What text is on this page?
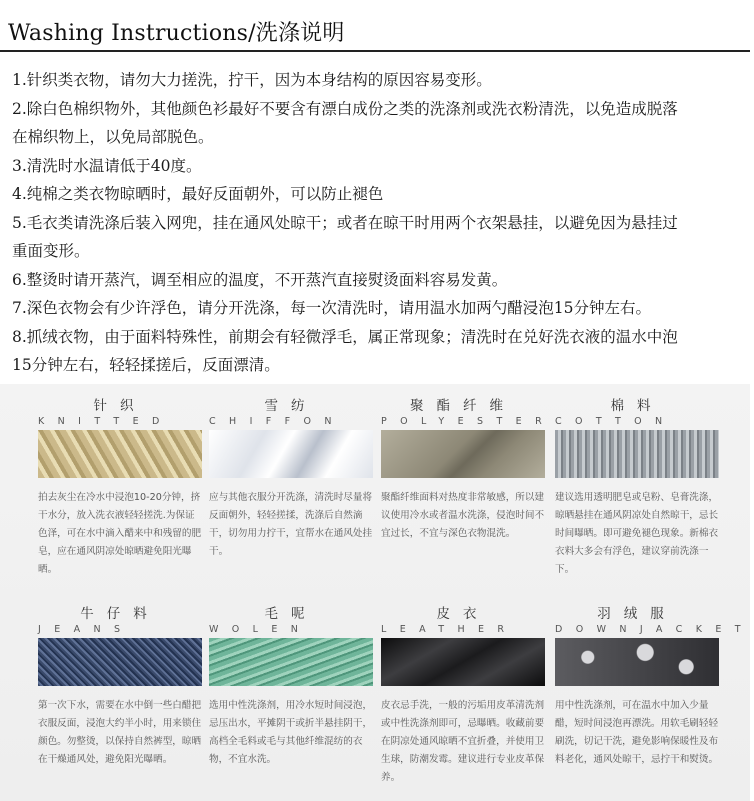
Washing Instructions/洗涤说明

1.针织类衣物，请勿大力搓洗，拧干，因为本身结构的原因容易变形。

2.除白色棉织物外，其他颜色衫最好不要含有漂白成份之类的洗涤剂或洗衣粉清洗，以免造成脱落

在棉织物上，以免局部脱色。

3.清洗时水温请低于40度。

4.纯棉之类衣物晾晒时，最好反面朝外，可以防止褪色

5.毛衣类请洗涤后装入网兜，挂在通风处晾干；或者在晾干时用两个衣架悬挂，以避免因为悬挂过

重面变形。

6.整烫时请开蒸汽，调至相应的温度，不开蒸汽直接熨烫面料容易发黄。

7.深色衣物会有少许浮色，请分开洗涤，每一次清洗时，请用温水加两勺醋浸泡15分钟左右。

8.抓绒衣物，由于面料特殊性，前期会有轻微浮毛，属正常现象；清洗时在兑好洗衣液的温水中泡

15分钟左右，轻轻揉搓后，反面漂清。

针织
KNITTED
拍去灰尘在冷水中浸泡10-20分钟，挤干水分，放入洗衣液轻轻搓洗.为保证色泽，可在水中滴入醋来中和残留的肥皂，应在通风阴凉处晾晒避免阳光曝晒。
雪纺
CHIFFON
应与其他衣服分开洗涤，清洗时尽量将反面朝外，轻轻搓揉，洗涤后自然滴干，切勿用力拧干，宜帮水在通风处挂干。
聚酯纤维
POLYESTER
聚酯纤维面料对热度非常敏感，所以建议使用冷水或者温水洗涤，侵泡时间不宜过长，不宜与深色衣物混洗。
棉料
COTTON
建议选用透明肥皂或皂粉、皂膏洗涤，晾晒悬挂在通风阴凉处自然晾干，忌长时间曝晒。即可避免褪色现象。新棉衣衣料大多会有浮色，建议穿前洗涤一下。
牛仔料
JEANS
第一次下水，需要在水中倒一些白醋把衣服反面，浸泡大约半小时，用来锁住颜色。勿整烫，以保持自然裤型，晾晒在干燥通风处，避免阳光曝晒。
毛呢
WOLEN
选用中性洗涤剂，用冷水短时间浸泡，忌压出水，平摊阴干或折半悬挂阴干，高档全毛料或毛与其他纤维混纺的衣物，不宜水洗。
皮衣
LEATHER
皮衣忌手洗，一般的污垢用皮革清洗剂或中性洗涤剂即可，忌曝晒。收藏前要在阴凉处通风晾晒不宜折叠，并使用卫生球，防潮发霉。建议进行专业皮革保养。
羽绒服
DOWNJACKET
用中性洗涤剂，可在温水中加入少量醋，短时间浸泡再漂洗。用软毛刷轻轻刷洗，切记干洗，避免影响保暖性及布料老化，通风处晾干，忌拧干和熨烫。
